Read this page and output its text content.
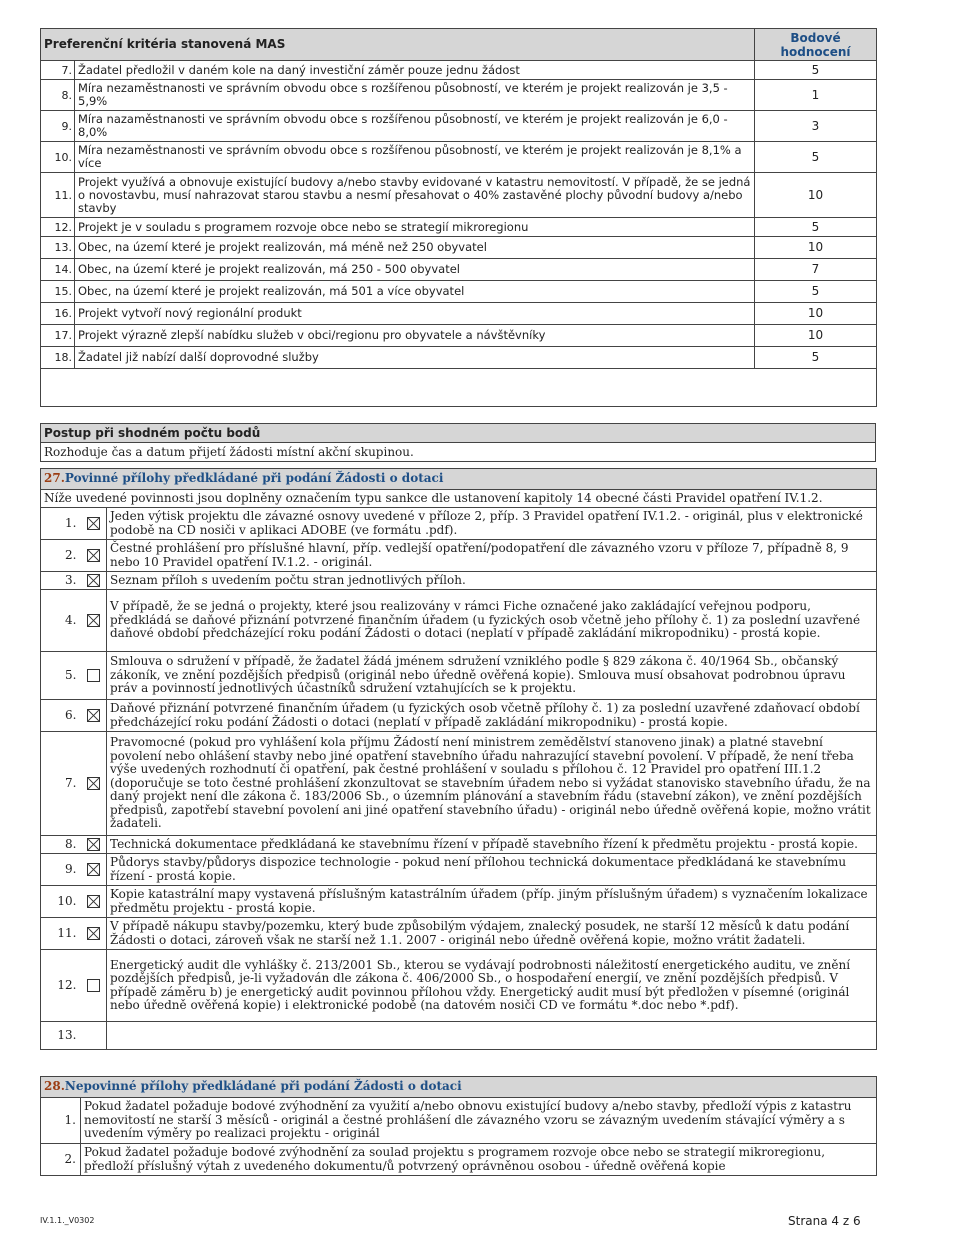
Preferenční kritéria stanovená MAS		Bodové hodnocení
7.	Žadatel předložil v daném kole na daný investiční záměr pouze jednu žádost	5
8.	Míra nezaměstnanosti ve správním obvodu obce s rozšířenou působností, ve kterém je projekt realizován je 3,5 - 5,9%	1
9.	Míra nazaměstnanosti ve správním obvodu obce s rozšířenou působností, ve kterém je projekt realizován je 6,0 - 8,0%	3
10.	Míra nezaměstnanosti ve správním obvodu obce s rozšířenou působností, ve kterém je projekt realizován je 8,1% a více	5
11.	Projekt využívá a obnovuje existující budovy a/nebo stavby evidované v katastru nemovitostí. V případě, že se jedná o novostavbu, musí nahrazovat starou stavbu a nesmí přesahovat o 40% zastavěné plochy původní budovy a/nebo stavby	10
12.	Projekt je v souladu s programem rozvoje obce nebo se strategií mikroregionu	5
13.	Obec, na území které je projekt realizován, má méně než 250 obyvatel	10
14.	Obec, na území které je projekt realizován, má 250 - 500 obyvatel	7
15.	Obec, na území které je projekt realizován, má 501 a více obyvatel	5
16.	Projekt vytvoří nový regionální produkt	10
17.	Projekt výrazně zlepší nabídku služeb v obci/regionu pro obyvatele a návštěvníky	10
18.	Žadatel již nabízí další doprovodné služby	5

Postup při shodném počtu bodů
Rozhoduje čas a datum přijetí žádosti místní akční skupinou.
27.Povinné přílohy předkládané při podání Žádosti o dotaci		
Níže uvedené povinnosti jsou doplněny označením typu sankce dle ustanovení kapitoly 14 obecné části Pravidel opatření IV.1.2.		
1.		Jeden výtisk projektu dle závazné osnovy uvedené v příloze 2, příp. 3 Pravidel opatření IV.1.2. - originál, plus v elektronické podobě na CD nosiči v aplikaci ADOBE (ve formátu .pdf).
2.		Čestné prohlášení pro příslušné hlavní, příp. vedlejší opatření/podopatření dle závazného vzoru v příloze 7, případně 8, 9 nebo 10 Pravidel opatření IV.1.2. - originál.
3.		Seznam příloh s uvedením počtu stran jednotlivých příloh.
4.		V případě, že se jedná o projekty, které jsou realizovány v rámci Fiche označené jako zakládající veřejnou podporu, předkládá se daňové přiznání potvrzené finančním úřadem (u fyzických osob včetně jeho přílohy č. 1) za poslední uzavřené daňové období předcházející roku podání Žádosti o dotaci (neplatí v případě zakládání mikropodniku) - prostá kopie.
5.		Smlouva o sdružení v případě, že žadatel žádá jménem sdružení vzniklého podle § 829 zákona č. 40/1964 Sb., občanský zákoník, ve znění pozdějších předpisů (originál nebo úředně ověřená kopie). Smlouva musí obsahovat podrobnou úpravu práv a povinností jednotlivých účastníků sdružení vztahujících se k projektu.
6.		Daňové přiznání potvrzené finančním úřadem (u fyzických osob včetně přílohy č. 1) za poslední uzavřené zdaňovací období předcházející roku podání Žádosti o dotaci (neplatí v případě zakládání mikropodniku) - prostá kopie.
7.		Pravomocné (pokud pro vyhlášení kola příjmu Žádostí není ministrem zemědělství stanoveno jinak) a platné stavební povolení nebo ohlášení stavby nebo jiné opatření stavebního úřadu nahrazující stavební povolení. V případě, že není třeba výše uvedených rozhodnutí či opatření, pak čestné prohlášení v souladu s přílohou č. 12 Pravidel pro opatření III.1.2 (doporučuje se toto čestné prohlášení zkonzultovat se stavebním úřadem nebo si vyžádat stanovisko stavebního úřadu, že na daný projekt není dle zákona č. 183/2006 Sb., o územním plánování a stavebním řádu (stavební zákon), ve znění pozdějších předpisů, zapotřebí stavební povolení ani jiné opatření stavebního úřadu) - originál nebo úředně ověřená kopie, možno vrátit žadateli.
8.		Technická dokumentace předkládaná ke stavebnímu řízení v případě stavebního řízení k předmětu projektu - prostá kopie.
9.		Půdorys stavby/půdorys dispozice technologie - pokud není přílohou technická dokumentace předkládaná ke stavebnímu řízení - prostá kopie.
10.		Kopie katastrální mapy vystavená příslušným katastrálním úřadem (příp. jiným příslušným úřadem) s vyznačením lokalizace předmětu projektu - prostá kopie.
11.		V případě nákupu stavby/pozemku, který bude způsobilým výdajem, znalecký posudek, ne starší 12 měsíců k datu podání Žádosti o dotaci, zároveň však ne starší než 1.1. 2007 - originál nebo úředně ověřená kopie, možno vrátit žadateli.
12.		Energetický audit dle vyhlášky č. 213/2001 Sb., kterou se vydávají podrobnosti náležitostí energetického auditu, ve znění pozdějších předpisů, je-li vyžadován dle zákona č. 406/2000 Sb., o hospodaření energií, ve znění pozdějších předpisů. V případě záměru b) je energetický audit povinnou přílohou vždy. Energetický audit musí být předložen v písemné (originál nebo úředně ověřená kopie) i elektronické podobě (na datovém nosiči CD ve formátu *.doc nebo *.pdf).
13.		
28.Nepovinné přílohy předkládané při podání Žádosti o dotaci	
1.	Pokud žadatel požaduje bodové zvýhodnění za využití a/nebo obnovu existující budovy a/nebo stavby, předloží výpis z katastru nemovitostí ne starší 3 měsíců - originál a čestné prohlášení dle závazného vzoru se závazným uvedením stávající výměry a s uvedením výměry po realizaci projektu - originál
2.	Pokud žadatel požaduje bodové zvýhodnění za soulad projektu s programem rozvoje obce nebo se strategií mikroregionu, předloží příslušný výtah z uvedeného dokumentu/ů potvrzený oprávněnou osobou - úředně ověřená kopie
IV.1.1._V0302	Strana 4 z 6
